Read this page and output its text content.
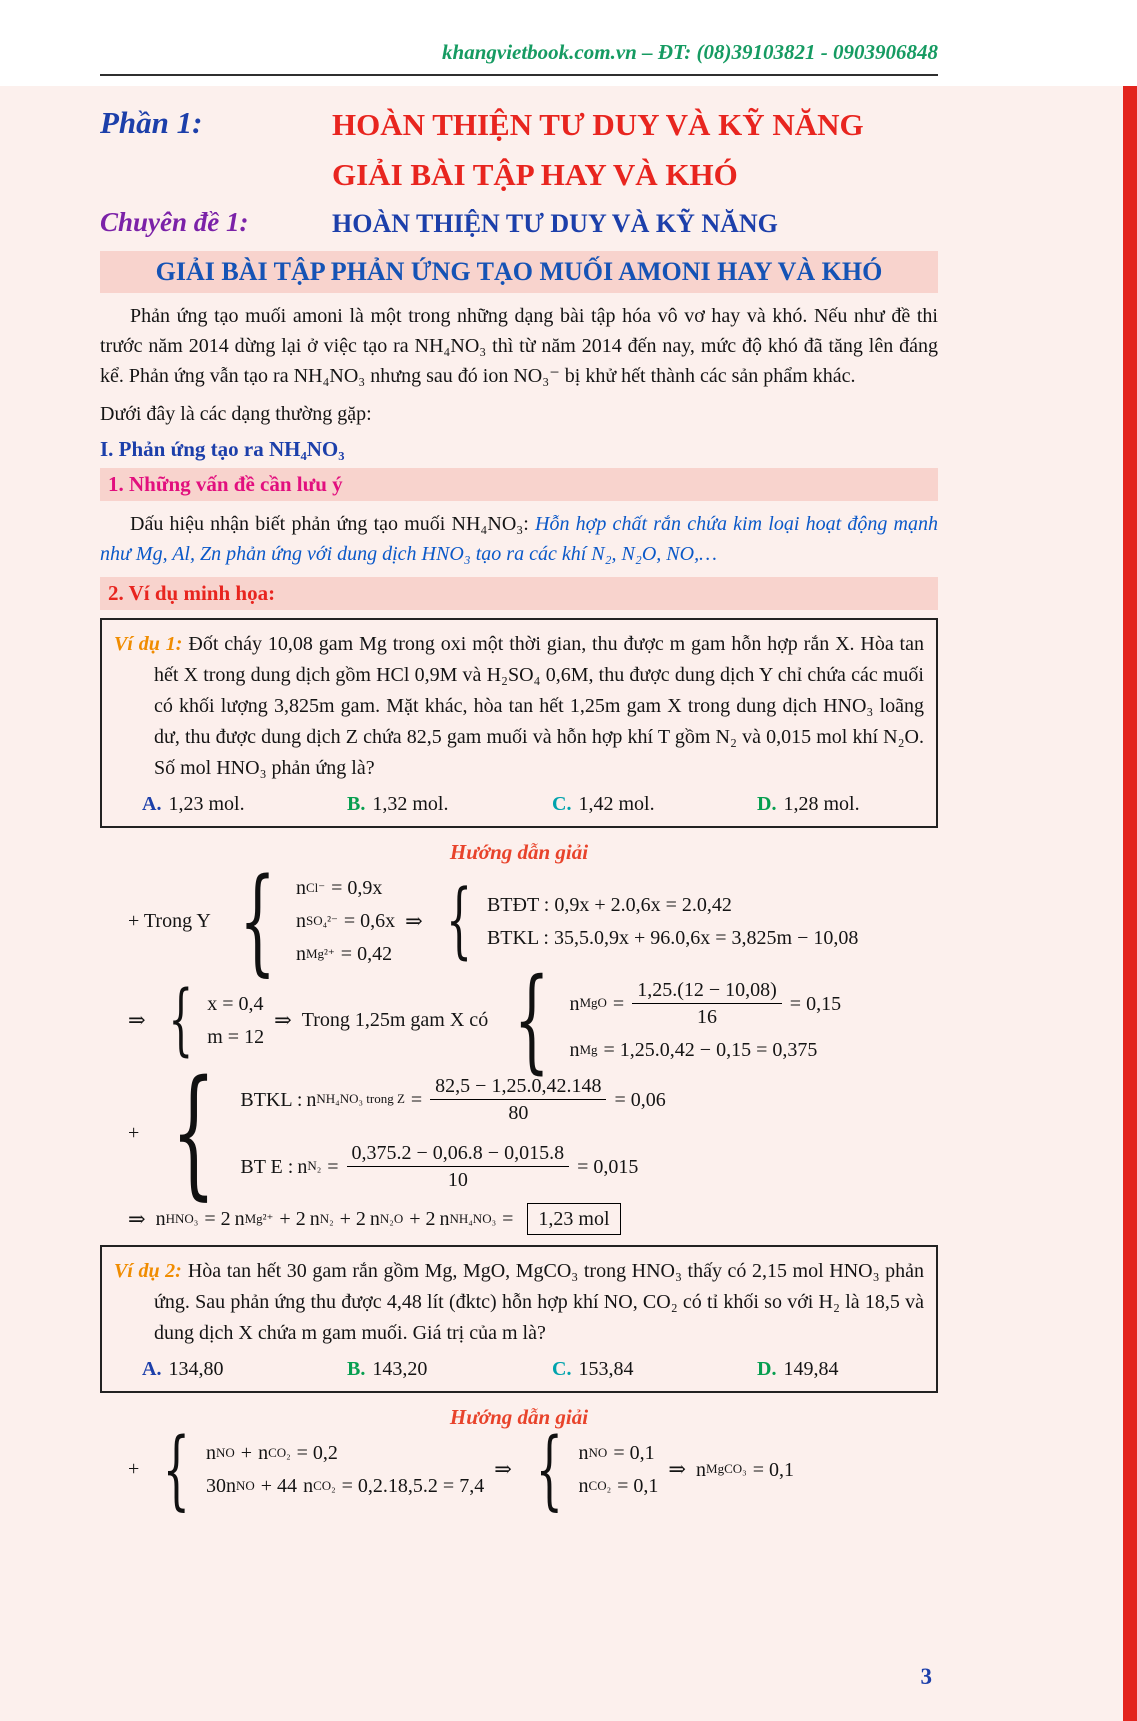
khangvietbook.com.vn – ĐT: (08)39103821 - 0903906848
Phần 1:	HOÀN THIỆN TƯ DUY VÀ KỸ NĂNG
GIẢI BÀI TẬP HAY VÀ KHÓ
Chuyên đề 1:	HOÀN THIỆN TƯ DUY VÀ KỸ NĂNG
GIẢI BÀI TẬP PHẢN ỨNG TẠO MUỐI AMONI HAY VÀ KHÓ

Phản ứng tạo muối amoni là một trong những dạng bài tập hóa vô vơ hay và khó. Nếu như đề thi trước năm 2014 dừng lại ở việc tạo ra NH₄NO₃ thì từ năm 2014 đến nay, mức độ khó đã tăng lên đáng kể. Phản ứng vẫn tạo ra NH₄NO₃ nhưng sau đó ion NO₃⁻ bị khử hết thành các sản phẩm khác.

Dưới đây là các dạng thường gặp:

I. Phản ứng tạo ra NH₄NO₃
1. Những vấn đề cần lưu ý

Dấu hiệu nhận biết phản ứng tạo muối NH₄NO₃: Hỗn hợp chất rắn chứa kim loại hoạt động mạnh như Mg, Al, Zn phản ứng với dung dịch HNO₃ tạo ra các khí N₂, N₂O, NO,…

2. Ví dụ minh họa:

Ví dụ 1: Đốt cháy 10,08 gam Mg trong oxi một thời gian, thu được m gam hỗn hợp rắn X. Hòa tan hết X trong dung dịch gồm HCl 0,9M và H₂SO₄ 0,6M, thu được dung dịch Y chỉ chứa các muối có khối lượng 3,825m gam. Mặt khác, hòa tan hết 1,25m gam X trong dung dịch HNO₃ loãng dư, thu được dung dịch Z chứa 82,5 gam muối và hỗn hợp khí T gồm N₂ và 0,015 mol khí N₂O. Số mol HNO₃ phản ứng là?

A. 1,23 mol.	B. 1,32 mol.	C. 1,42 mol.	D. 1,28 mol.
Hướng dẫn giải
+ Trong Y { n Cl⁻ = 0,9x
n SO₄²⁻ = 0,6x
n Mg²⁺ = 0,42
⇒ { BTĐT : 0,9x + 2.0,6x = 2.0,42
BTKL : 35,5.0,9x + 96.0,6x = 3,825m − 10,08
⇒ { x = 0,4
m = 12
⇒ Trong 1,25m gam X có { n MgO = $\frac{1,25.(12 - 10,08)}{16} = 0,15$
n Mg = 1,25.0,42 − 0,15 = 0,375
+ { BTKL : n NH₄NO₃ trong $Z = \frac{82,5 - 1,25.0,42.148}{80} = 0,06$
BT E : n $N_2 = \frac{0,375.2 - 0,06.8 - 0,015.8}{10} = 0,015$
⇒ n HNO₃ = 2 n Mg²⁺ + 2 n N₂ + 2 n N₂O + 2 n NH₄NO₃ =	1,23 mol

Ví dụ 2: Hòa tan hết 30 gam rắn gồm Mg, MgO, MgCO₃ trong HNO₃ thấy có 2,15 mol HNO₃ phản ứng. Sau phản ứng thu được 4,48 lít (đktc) hỗn hợp khí NO, CO₂ có tỉ khối so với H₂ là 18,5 và dung dịch X chứa m gam muối. Giá trị của m là?

A. 134,80	B. 143,20	C. 153,84	D. 149,84
Hướng dẫn giải
+ { n NO + n CO₂ = 0,2
30 n NO + 44 n CO₂ = 0,2.18,5.2 = 7,4
⇒ { n NO = 0,1
n CO₂ = 0,1
⇒ n MgCO₃ = 0,1
3
